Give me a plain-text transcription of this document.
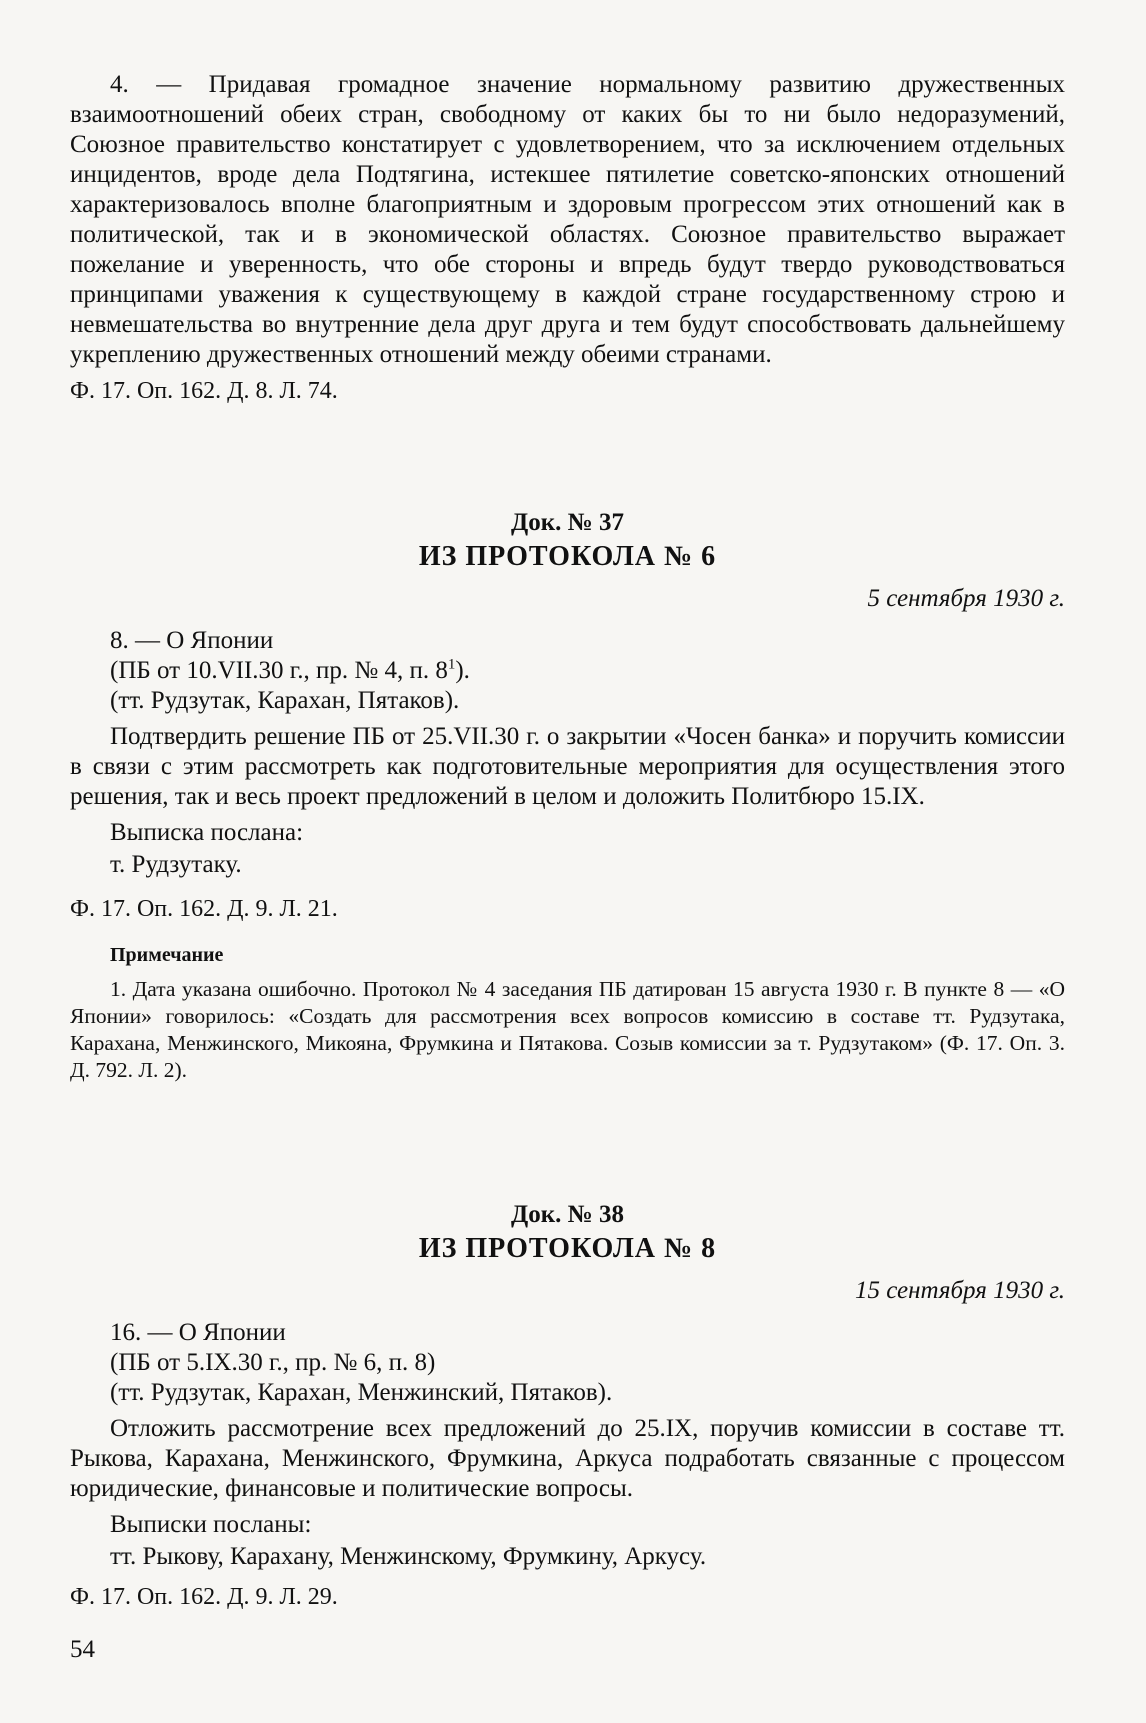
4. — Придавая громадное значение нормальному развитию дружественных взаимоотношений обеих стран, свободному от каких бы то ни было недоразумений, Союзное правительство констатирует с удовлетворением, что за исключением отдельных инцидентов, вроде дела Подтягина, истекшее пятилетие советско-японских отношений характеризовалось вполне благоприятным и здоровым прогрессом этих отношений как в политической, так и в экономической областях. Союзное правительство выражает пожелание и уверенность, что обе стороны и впредь будут твердо руководствоваться принципами уважения к существующему в каждой стране государственному строю и невмешательства во внутренние дела друг друга и тем будут способствовать дальнейшему укреплению дружественных отношений между обеими странами.

Ф. 17. Оп. 162. Д. 8. Л. 74.

Док. № 37

ИЗ ПРОТОКОЛА № 6

5 сентября 1930 г.

8. — О Японии

(ПБ от 10.VII.30 г., пр. № 4, п. $8^1$).

(тт. Рудзутак, Карахан, Пятаков).

Подтвердить решение ПБ от 25.VII.30 г. о закрытии «Чосен банка» и поручить комиссии в связи с этим рассмотреть как подготовительные мероприятия для осуществления этого решения, так и весь проект предложений в целом и доложить Политбюро 15.IX.

Выписка послана:

т. Рудзутаку.

Ф. 17. Оп. 162. Д. 9. Л. 21.

Примечание

1. Дата указана ошибочно. Протокол № 4 заседания ПБ датирован 15 августа 1930 г. В пункте 8 — «О Японии» говорилось: «Создать для рассмотрения всех вопросов комиссию в составе тт. Рудзутака, Карахана, Менжинского, Микояна, Фрумкина и Пятакова. Созыв комиссии за т. Рудзутаком» (Ф. 17. Оп. 3. Д. 792. Л. 2).

Док. № 38

ИЗ ПРОТОКОЛА № 8

15 сентября 1930 г.

16. — О Японии

(ПБ от 5.IX.30 г., пр. № 6, п. 8)

(тт. Рудзутак, Карахан, Менжинский, Пятаков).

Отложить рассмотрение всех предложений до 25.IX, поручив комиссии в составе тт. Рыкова, Карахана, Менжинского, Фрумкина, Аркуса подработать связанные с процессом юридические, финансовые и политические вопросы.

Выписки посланы:

тт. Рыкову, Карахану, Менжинскому, Фрумкину, Аркусу.

Ф. 17. Оп. 162. Д. 9. Л. 29.

54
